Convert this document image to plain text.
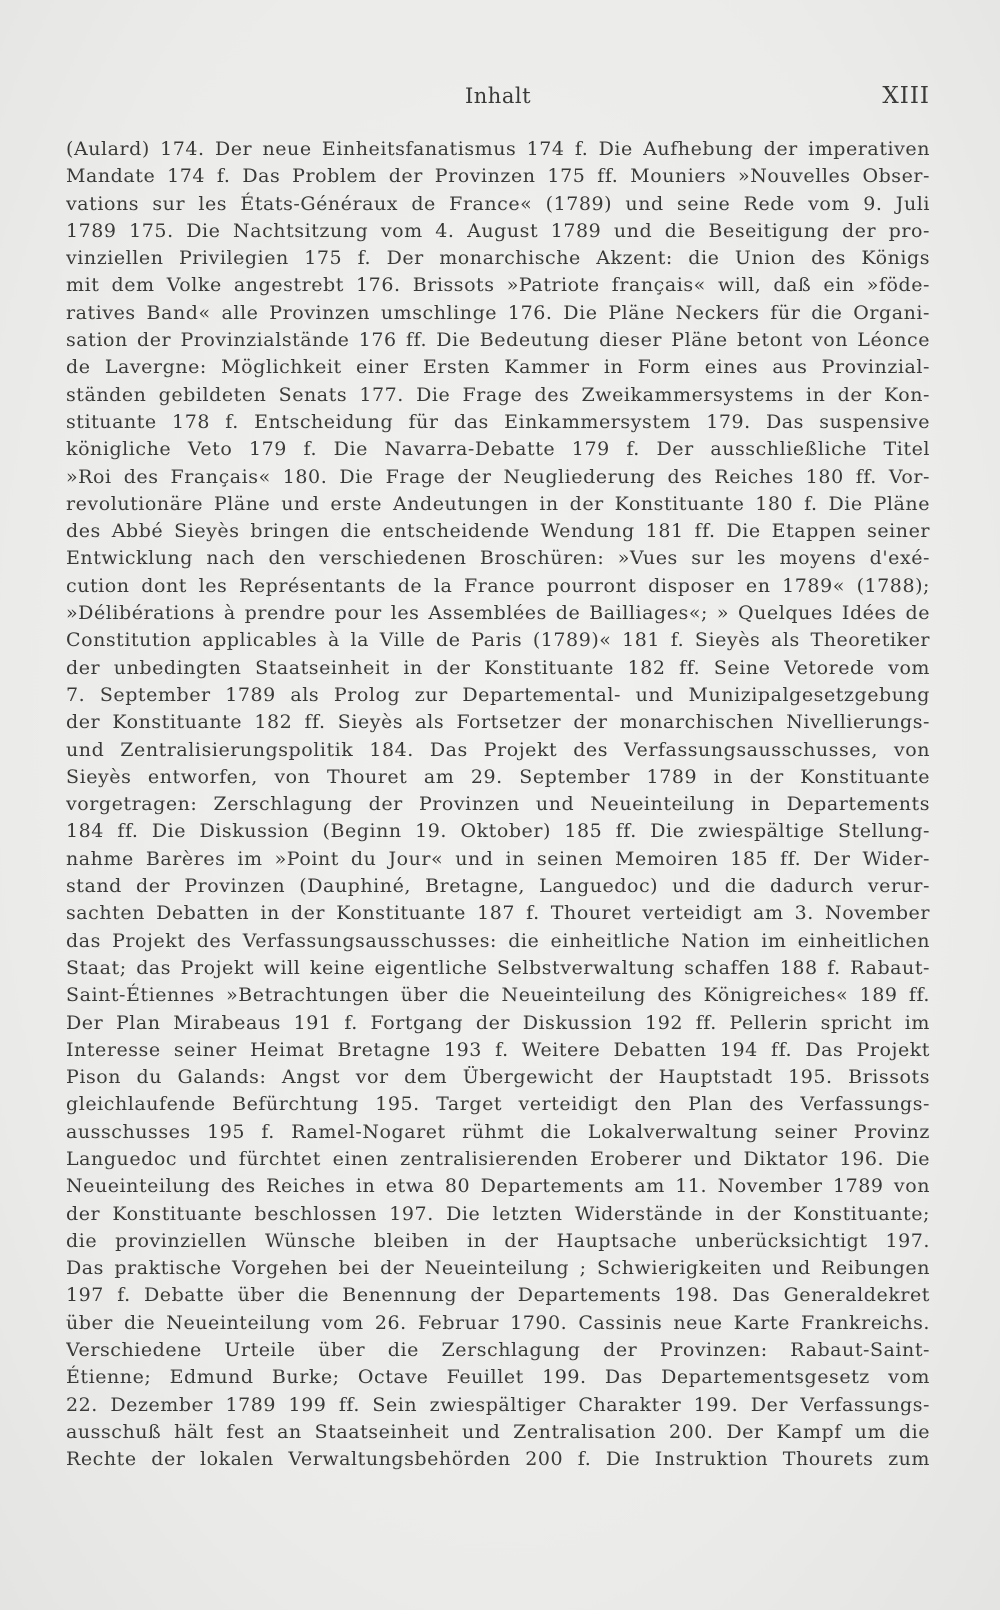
Inhalt	XIII
(Aulard) 174. Der neue Einheitsfanatismus 174 f. Die Aufhebung der imperativen
Mandate 174 f. Das Problem der Provinzen 175 ff. Mouniers »Nouvelles Obser-
vations sur les États-Généraux de France« (1789) und seine Rede vom 9. Juli
1789 175. Die Nachtsitzung vom 4. August 1789 und die Beseitigung der pro-
vinziellen Privilegien 175 f. Der monarchische Akzent: die Union des Königs
mit dem Volke angestrebt 176. Brissots »Patriote français« will, daß ein »föde-
ratives Band« alle Provinzen umschlinge 176. Die Pläne Neckers für die Organi-
sation der Provinzialstände 176 ff. Die Bedeutung dieser Pläne betont von Léonce
de Lavergne: Möglichkeit einer Ersten Kammer in Form eines aus Provinzial-
ständen gebildeten Senats 177. Die Frage des Zweikammersystems in der Kon-
stituante 178 f. Entscheidung für das Einkammersystem 179. Das suspensive
königliche Veto 179 f. Die Navarra-Debatte 179 f. Der ausschließliche Titel
»Roi des Français« 180. Die Frage der Neugliederung des Reiches 180 ff. Vor-
revolutionäre Pläne und erste Andeutungen in der Konstituante 180 f. Die Pläne
des Abbé Sieyès bringen die entscheidende Wendung 181 ff. Die Etappen seiner
Entwicklung nach den verschiedenen Broschüren: »Vues sur les moyens d'exé-
cution dont les Représentants de la France pourront disposer en 1789« (1788);
»Délibérations à prendre pour les Assemblées de Bailliages«; » Quelques Idées de
Constitution applicables à la Ville de Paris (1789)« 181 f. Sieyès als Theoretiker
der unbedingten Staatseinheit in der Konstituante 182 ff. Seine Vetorede vom
7. September 1789 als Prolog zur Departemental- und Munizipalgesetzgebung
der Konstituante 182 ff. Sieyès als Fortsetzer der monarchischen Nivellierungs-
und Zentralisierungspolitik 184. Das Projekt des Verfassungsausschusses, von
Sieyès entworfen, von Thouret am 29. September 1789 in der Konstituante
vorgetragen: Zerschlagung der Provinzen und Neueinteilung in Departements
184 ff. Die Diskussion (Beginn 19. Oktober) 185 ff. Die zwiespältige Stellung-
nahme Barères im »Point du Jour« und in seinen Memoiren 185 ff. Der Wider-
stand der Provinzen (Dauphiné, Bretagne, Languedoc) und die dadurch verur-
sachten Debatten in der Konstituante 187 f. Thouret verteidigt am 3. November
das Projekt des Verfassungsausschusses: die einheitliche Nation im einheitlichen
Staat; das Projekt will keine eigentliche Selbstverwaltung schaffen 188 f. Rabaut-
Saint-Étiennes »Betrachtungen über die Neueinteilung des Königreiches« 189 ff.
Der Plan Mirabeaus 191 f. Fortgang der Diskussion 192 ff. Pellerin spricht im
Interesse seiner Heimat Bretagne 193 f. Weitere Debatten 194 ff. Das Projekt
Pison du Galands: Angst vor dem Übergewicht der Hauptstadt 195. Brissots
gleichlaufende Befürchtung 195. Target verteidigt den Plan des Verfassungs-
ausschusses 195 f. Ramel-Nogaret rühmt die Lokalverwaltung seiner Provinz
Languedoc und fürchtet einen zentralisierenden Eroberer und Diktator 196. Die
Neueinteilung des Reiches in etwa 80 Departements am 11. November 1789 von
der Konstituante beschlossen 197. Die letzten Widerstände in der Konstituante;
die provinziellen Wünsche bleiben in der Hauptsache unberücksichtigt 197.
Das praktische Vorgehen bei der Neueinteilung ; Schwierigkeiten und Reibungen
197 f. Debatte über die Benennung der Departements 198. Das Generaldekret
über die Neueinteilung vom 26. Februar 1790. Cassinis neue Karte Frankreichs.
Verschiedene Urteile über die Zerschlagung der Provinzen: Rabaut-Saint-
Étienne; Edmund Burke; Octave Feuillet 199. Das Departementsgesetz vom
22. Dezember 1789 199 ff. Sein zwiespältiger Charakter 199. Der Verfassungs-
ausschuß hält fest an Staatseinheit und Zentralisation 200. Der Kampf um die
Rechte der lokalen Verwaltungsbehörden 200 f. Die Instruktion Thourets zum
